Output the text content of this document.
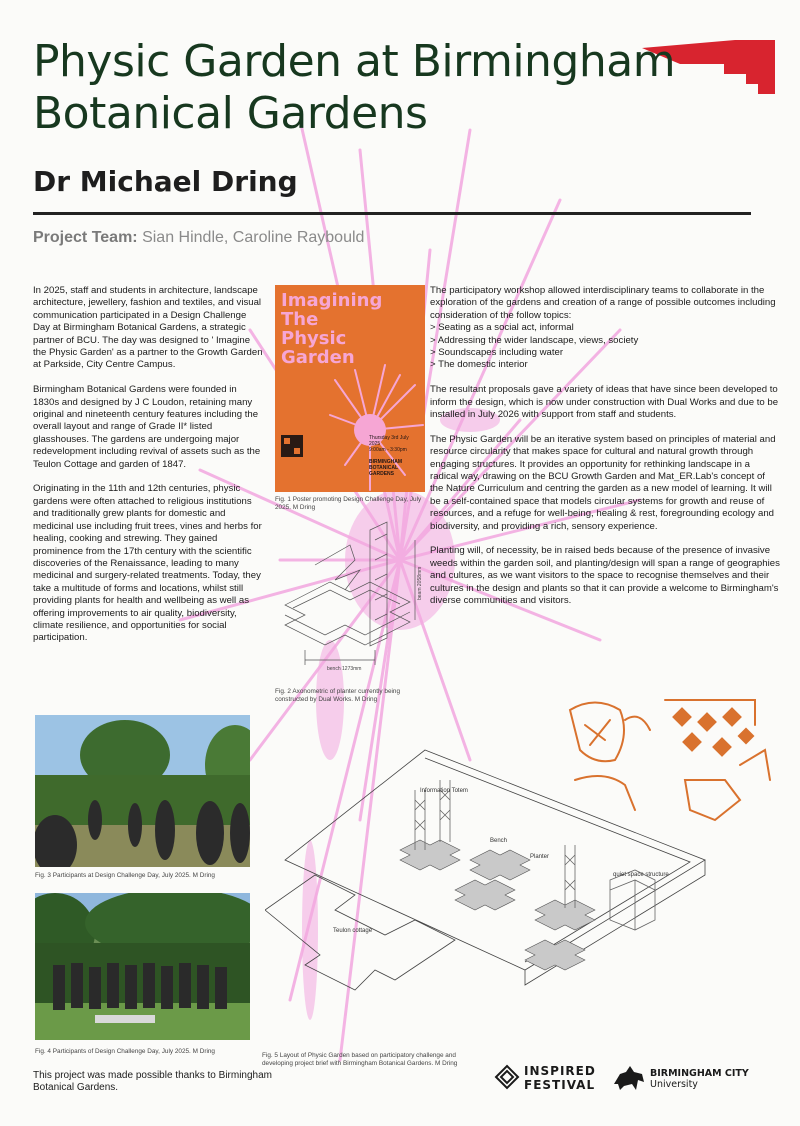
Physic Garden at Birmingham Botanical Gardens
Dr Michael Dring

Project Team: Sian Hindle, Caroline Raybould

In 2025, staff and students in architecture, landscape architecture, jewellery, fashion and textiles, and visual communication participated in a Design Challenge Day at Birmingham Botanical Gardens, a strategic partner of BCU. The day was designed to ' Imagine the Physic Garden' as a partner to the Growth Garden at Parkside, City Centre Campus.

Birmingham Botanical Gardens were founded in 1830s and designed by J C Loudon, retaining many original and nineteenth century features including the overall layout and range of Grade II* listed glasshouses. The gardens are undergoing major redevelopment including revival of assets such as the Teulon Cottage and garden of 1847.

Originating in the 11th and 12th centuries, physic gardens were often attached to religious institutions and traditionally grew plants for domestic and medicinal use including fruit trees, vines and herbs for healing, cooking and strewing. They gained prominence from the 17th century with the scientific discoveries of the Renaissance, leading to many medicinal and surgery-related treatments. Today, they take a multitude of forms and locations, whilst still providing plants for health and wellbeing as well as offering improvements to air quality, biodiversity, climate resilience, and opportunities for social participation.

Imagining
The
Physic
Garden

Thursday 3rd July 2025
9:00am - 3:30pm

BIRMINGHAM BOTANICAL GARDENS

Fig. 1 Poster promoting Design Challenge Day, July 2025. M Dring

bench 1273mm
beam 2058mm

Fig. 2 Axonometric of planter currently being constructed by Dual Works. M Dring

The participatory workshop allowed interdisciplinary teams to collaborate in the exploration of the gardens and creation of a range of possible outcomes including consideration of the follow topics:
> Seating as a social act, informal
> Addressing the wider landscape, views, society
> Soundscapes including water
> The domestic interior

The resultant proposals gave a variety of ideas that have since been developed to inform the design, which is now under construction with Dual Works and due to be installed in July 2026 with support from staff and students.

The Physic Garden will be an iterative system based on principles of material and resource circularity that makes space for cultural and natural growth through engaging structures. It provides an opportunity for rethinking landscape in a radical way, drawing on the BCU Growth Garden and Mat_ER.Lab's concept of the Nature Curriculum and centring the garden as a new model of learning. It will be a self-contained space that models circular systems for growth and reuse of resources, and a refuge for well-being, healing & rest, foregrounding ecology and biodiversity, and providing a rich, sensory experience.

Planting will, of necessity, be in raised beds because of the presence of invasive weeds within the garden soil, and planting/design will span a range of geographies and cultures, as we want visitors to the space to recognise themselves and their cultures in the design and plants so that it can provide a welcome to Birmingham's diverse communities and visitors.

Fig. 3 Participants at Design Challenge Day, July 2025. M Dring

Fig. 4 Participants of Design Challenge Day, July 2025. M Dring

Information Totem
Bench
Planter
quiet space structure
Teulon cottage

Fig. 5 Layout of Physic Garden based on participatory challenge and developing project brief with Birmingham Botanical Gardens. M Dring

This project was made possible thanks to Birmingham Botanical Gardens.

INSPIRED

FESTIVAL

BIRMINGHAM CITY

University
